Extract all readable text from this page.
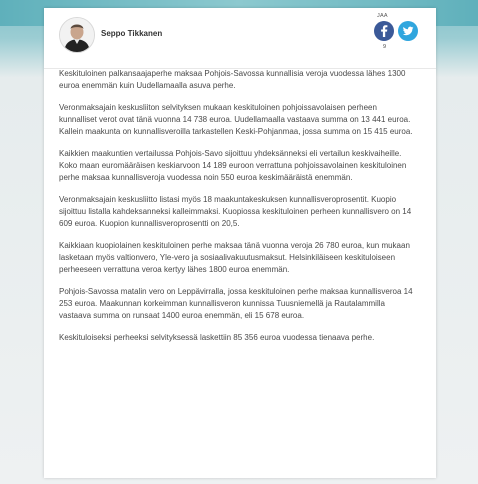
Seppo Tikkanen
JAA
9

Keskituloinen palkansaajaperhe maksaa Pohjois-Savossa kunnallisia veroja vuodessa lähes 1300 euroa enemmän kuin Uudellamaalla asuva perhe.

Veronmaksajain keskusliiton selvityksen mukaan keskituloinen pohjoissavolaisen perheen kunnalliset verot ovat tänä vuonna 14 738 euroa. Uudellamaalla vastaava summa on 13 441 euroa. Kallein maakunta on kunnallisveroilla tarkastellen Keski-Pohjanmaa, jossa summa on 15 415 euroa.

Kaikkien maakuntien vertailussa Pohjois-Savo sijoittuu yhdeksänneksi eli vertailun keskivaiheille. Koko maan euromääräisen keskiarvoon 14 189 euroon verrattuna pohjoissavolainen keskituloinen perhe maksaa kunnallisveroja vuodessa noin 550 euroa keskimääräistä enemmän.

Veronmaksajain keskusliitto listasi myös 18 maakuntakeskuksen kunnallisveroprosentit. Kuopio sijoittuu listalla kahdeksanneksi kalleimmaksi. Kuopiossa keskituloinen perheen kunnallisvero on 14 609 euroa. Kuopion kunnallisveroprosentti on 20,5.

Kaikkiaan kuopiolainen keskituloinen perhe maksaa tänä vuonna veroja 26 780 euroa, kun mukaan lasketaan myös valtionvero, Yle-vero ja sosiaalivakuutusmaksut. Helsinkiläiseen keskituloiseen perheeseen verrattuna veroa kertyy lähes 1800 euroa enemmän.

Pohjois-Savossa matalin vero on Leppävirralla, jossa keskituloinen perhe maksaa kunnallisveroa 14 253 euroa. Maakunnan korkeimman kunnallisveron kunnissa Tuusniemellä ja Rautalammilla vastaava summa on runsaat 1400 euroa enemmän, eli 15 678 euroa.

Keskituloiseksi perheeksi selvityksessä laskettiin 85 356 euroa vuodessa tienaava perhe.
